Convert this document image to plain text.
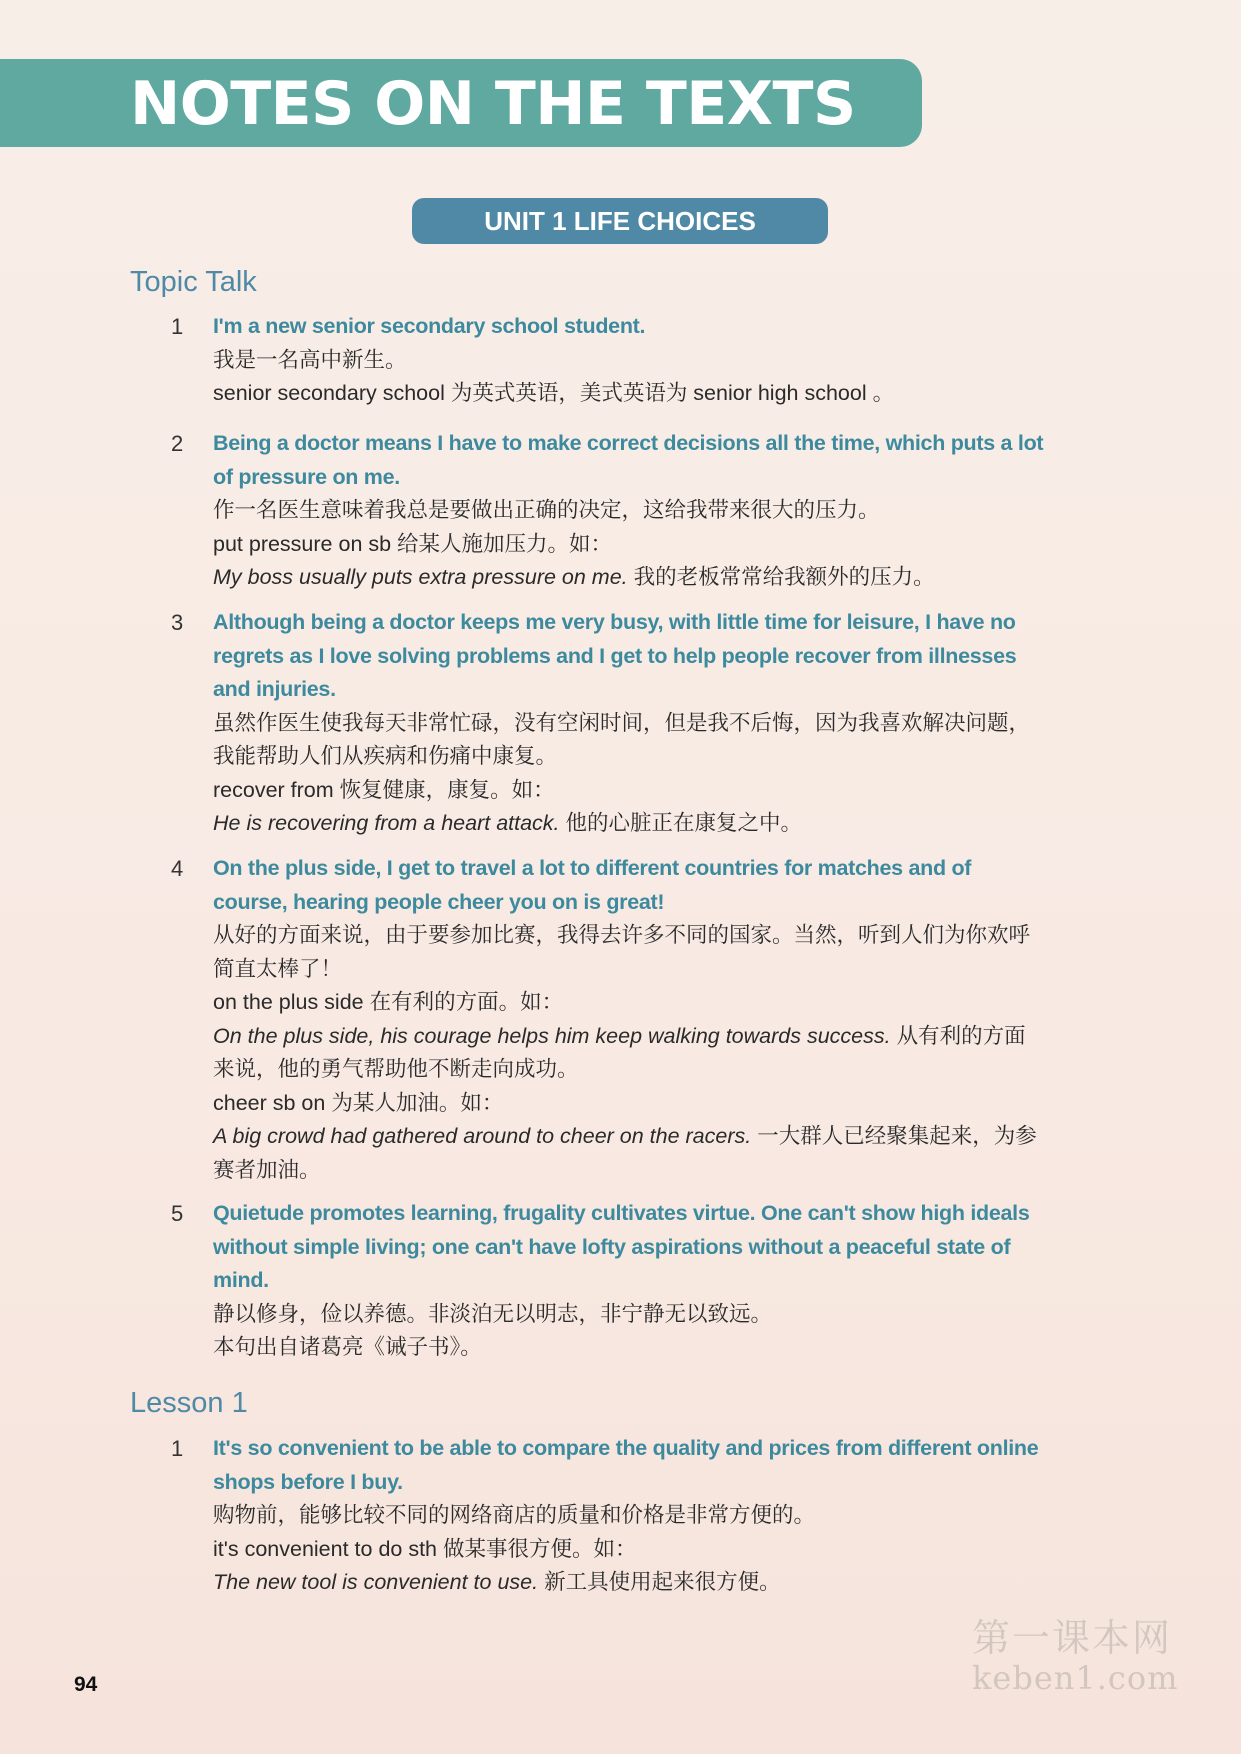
NOTES ON THE TEXTS
UNIT 1 LIFE CHOICES
Topic Talk
1 I'm a new senior secondary school student.
我是一名高中新生。
senior secondary school 为英式英语，美式英语为 senior high school 。
2 Being a doctor means I have to make correct decisions all the time, which puts a lot
of pressure on me.
作一名医生意味着我总是要做出正确的决定，这给我带来很大的压力。
put pressure on sb 给某人施加压力。如：
My boss usually puts extra pressure on me. 我的老板常常给我额外的压力。
3 Although being a doctor keeps me very busy, with little time for leisure, I have no
regrets as I love solving problems and I get to help people recover from illnesses
and injuries.
虽然作医生使我每天非常忙碌，没有空闲时间，但是我不后悔，因为我喜欢解决问题，
我能帮助人们从疾病和伤痛中康复。
recover from 恢复健康，康复。如：
He is recovering from a heart attack. 他的心脏正在康复之中。
4 On the plus side, I get to travel a lot to different countries for matches and of
course, hearing people cheer you on is great!
从好的方面来说，由于要参加比赛，我得去许多不同的国家。当然，听到人们为你欢呼
简直太棒了！
on the plus side 在有利的方面。如：
On the plus side, his courage helps him keep walking towards success. 从有利的方面
来说，他的勇气帮助他不断走向成功。
cheer sb on 为某人加油。如：
A big crowd had gathered around to cheer on the racers. 一大群人已经聚集起来，为参
赛者加油。
5 Quietude promotes learning, frugality cultivates virtue. One can't show high ideals
without simple living; one can't have lofty aspirations without a peaceful state of
mind.
静以修身，俭以养德。非淡泊无以明志，非宁静无以致远。
本句出自诸葛亮《诫子书》。
Lesson 1
1 It's so convenient to be able to compare the quality and prices from different online
shops before I buy.
购物前，能够比较不同的网络商店的质量和价格是非常方便的。
it's convenient to do sth 做某事很方便。如：
The new tool is convenient to use. 新工具使用起来很方便。
94
第一课本网
keben1.com
